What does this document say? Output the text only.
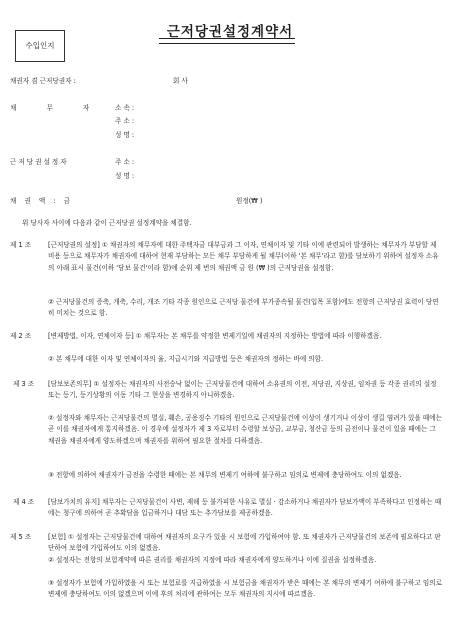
수입인지
근저당권설정계약서
채권자 겸 근저당권자 :	회 사
채 무 자 소 속 :
주 소 :
성 명 :
근저당권설정자	주 소 :
성 명 :
채 권 액 : 금	원정(₩ )
위 당사자 사이에 다음과 같이 근저당권 설정계약을 체결함.
제 1 조	[근저당권의 설정] ① 채권자의 채무자에 대한 주택자금 대부금과 그 이자, 연체이자 및 기타 이에 관련되어 발생하는 채무자가 부담할 제 비용 등으로 채무자가 채권자에 대하여 현재 부담하는 모든 채무 부담하게 될 채무(이하 '본 채무'라고 함)를 담보하기 위하여 설정자 소유의 아래 표시 물건(이하 '담보 물건'이라 함)에 순위 제 번의 채권액 금 원 (₩ )의 근저당권을 설정함.
② 근저당물건의 증축, 개축, 수리, 개조 기타 각종 원인으로 근저당 물건에 부가종속될 물건(입목 포함)에도 전항의 근저당권 효력이 당연히 미치는 것으로 함.
제 2 조	[변제방법, 이자, 연체이자 등] ① 채무자는 본 채무를 약정한 변제기일에 채권자의 지정하는 방법에 따라 이행하겠음.
② 본 채무에 대한 이자 및 연체이자의 율, 지급시기와 지급방법 등은 채권자의 정하는 바에 의함.
제 3 조 [담보보존의무] ① 설정자는 채권자의 사전승낙 없이는 근저당물건에 대하여 소유권의 이전, 저당권, 지상권, 임차권 등 각종 권리의 설정 또는 등기, 등기상황의 이동 기타 그 현상을 변경하지 아니하겠음.
② 설정자와 채무자는 근저당물건의 멸실, 훼손, 공용징수 기타의 원인으로 근저당물건에 이상이 생기거나 이상이 생길 염려가 있을 때에는 곧 이를 채권자에게 통지하겠음. 이 경우에 설정자가 제 3 자로부터 수령할 보상금, 교부금, 청산금 등의 금전이나 물건이 있을 때에는 그 채권을 채권자에게 양도하겠으며 채권자를 위하여 필요한 절차를 다하겠음.
③ 전항에 의하여 채권자가 금전을 수령한 때에는 본 채무의 변제기 여하에 불구하고 임의로 변제에 충당하여도 이의 없겠음.
제 4 조 [담보가치의 유지] 채무자는 근저당물건이 사변, 재해 등 불가피한 사유로 멸실 · 감소하거나 채권자가 담보가액이 부족하다고 인정하는 때에는 청구에 의하여 곧 추확담을 입금하거나 대담 또는 추가담보를 제공하겠음.
제 5 조	[보험] ① 설정자는 근저당물건에 대하여 채권자의 요구가 있을 시 보험에 가입하여야 함. 또 채권자가 근저당물건의 보존에 필요하다고 판단하여 보험에 가입하여도 이의 없겠음.
② 설정자는 전항의 보험계약에 따른 권리를 채권자의 지정에 따라 채권자에게 양도하거나 이에 질권을 설정하겠음.
③ 설정자가 보험에 가입하였을 시 또는 보험료를 지급하였을 시 보험금을 채권자가 받은 때에는 본 채무의 변제기 여하에 불구하고 임의로 변제에 충당하여도 이의 없겠으며 이에 후의 처리에 관하여는 모두 채권자의 지시에 따르겠음.
